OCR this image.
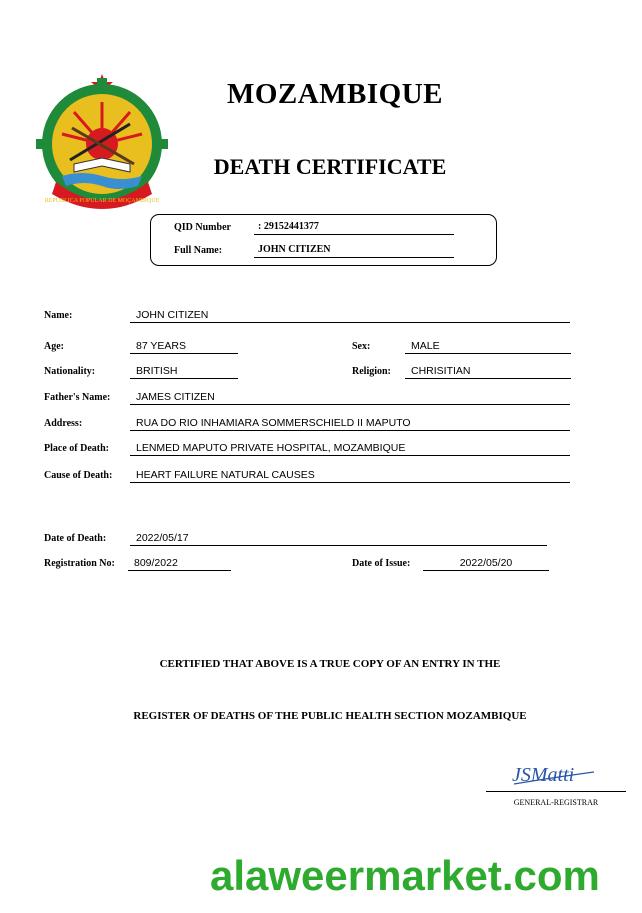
REPUBLICA POPULAR DE MOÇAMBIQUE
MOZAMBIQUE
DEATH CERTIFICATE
QID Number	: 29152441377
Full Name:	JOHN CITIZEN
Name:	JOHN CITIZEN
Age:	87 YEARS	Sex:	MALE
Nationality:	BRITISH	Religion:	CHRISITIAN
Father's Name:	JAMES CITIZEN
Address:	RUA DO RIO INHAMIARA SOMMERSCHIELD II MAPUTO
Place of Death:	LENMED MAPUTO PRIVATE HOSPITAL, MOZAMBIQUE
Cause of Death:	HEART FAILURE NATURAL CAUSES
Date of Death:	2022/05/17
Registration No:	809/2022	Date of Issue:	2022/05/20
CERTIFIED THAT ABOVE IS A TRUE COPY OF AN ENTRY IN THE
REGISTER OF DEATHS OF THE PUBLIC HEALTH SECTION MOZAMBIQUE
JSMatti
GENERAL-REGISTRAR
alaweermarket.com
